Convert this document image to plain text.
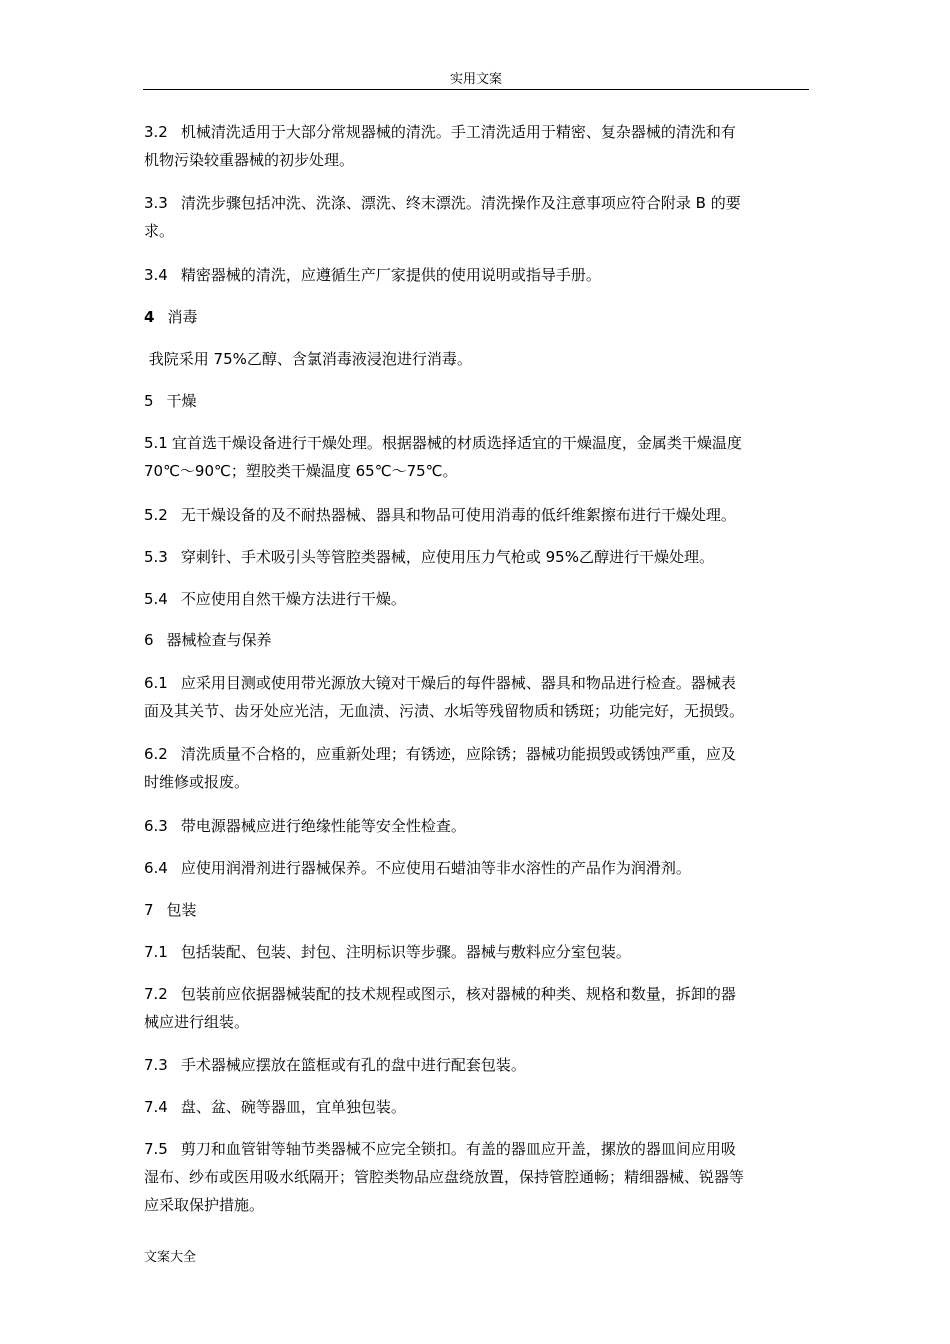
实用文案
3.2 机械清洗适用于大部分常规器械的清洗。手工清洗适用于精密、复杂器械的清洗和有
机物污染较重器械的初步处理。
3.3 清洗步骤包括冲洗、洗涤、漂洗、终末漂洗。清洗操作及注意事项应符合附录 B 的要
求。
3.4 精密器械的清洗，应遵循生产厂家提供的使用说明或指导手册。
4 消毒
我院采用 75%乙醇、含氯消毒液浸泡进行消毒。
5 干燥
5.1 宜首选干燥设备进行干燥处理。根据器械的材质选择适宜的干燥温度，金属类干燥温度
70℃～90℃；塑胶类干燥温度 65℃～75℃。
5.2 无干燥设备的及不耐热器械、器具和物品可使用消毒的低纤维絮擦布进行干燥处理。
5.3 穿刺针、手术吸引头等管腔类器械，应使用压力气枪或 95%乙醇进行干燥处理。
5.4 不应使用自然干燥方法进行干燥。
6 器械检查与保养
6.1 应采用目测或使用带光源放大镜对干燥后的每件器械、器具和物品进行检查。器械表
面及其关节、齿牙处应光洁，无血渍、污渍、水垢等残留物质和锈斑；功能完好，无损毁。
6.2 清洗质量不合格的，应重新处理；有锈迹，应除锈；器械功能损毁或锈蚀严重，应及
时维修或报废。
6.3 带电源器械应进行绝缘性能等安全性检查。
6.4 应使用润滑剂进行器械保养。不应使用石蜡油等非水溶性的产品作为润滑剂。
7 包装
7.1 包括装配、包装、封包、注明标识等步骤。器械与敷料应分室包装。
7.2 包装前应依据器械装配的技术规程或图示，核对器械的种类、规格和数量，拆卸的器
械应进行组装。
7.3 手术器械应摆放在篮框或有孔的盘中进行配套包装。
7.4 盘、盆、碗等器皿，宜单独包装。
7.5 剪刀和血管钳等轴节类器械不应完全锁扣。有盖的器皿应开盖，摞放的器皿间应用吸
湿布、纱布或医用吸水纸隔开；管腔类物品应盘绕放置，保持管腔通畅；精细器械、锐器等
应采取保护措施。
文案大全
